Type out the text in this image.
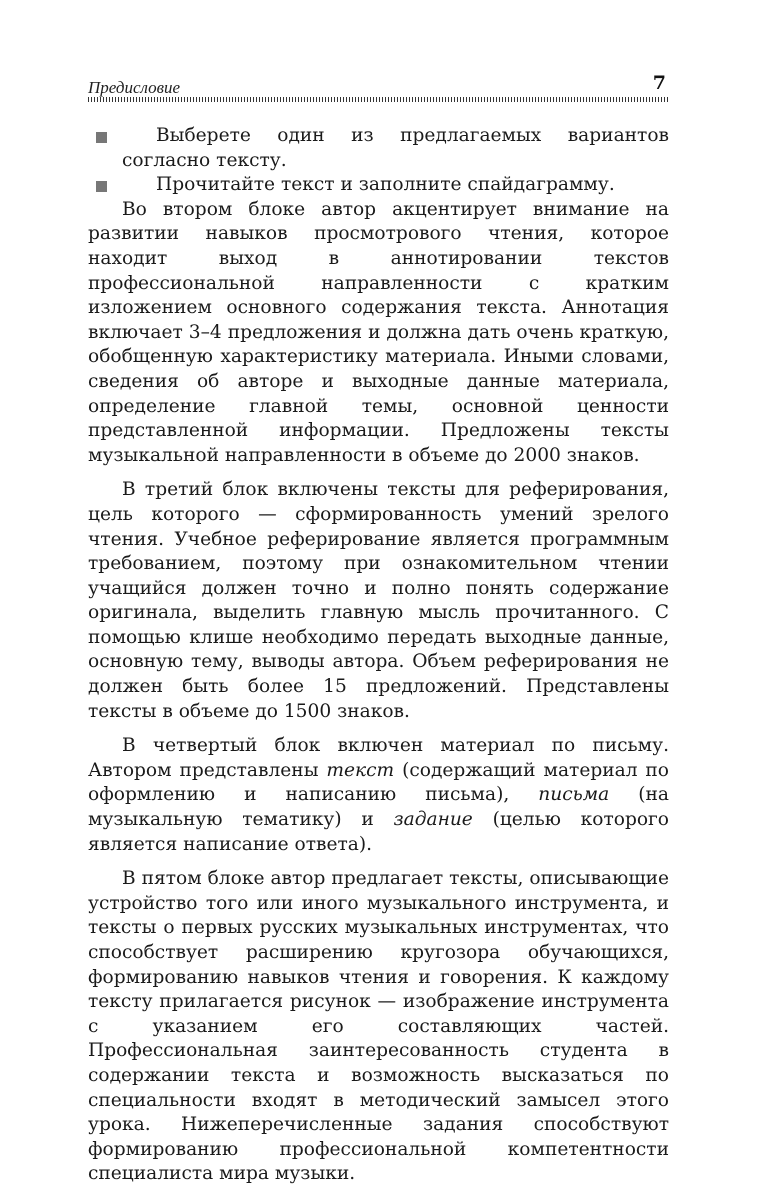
Предисловие	7

Выберете один из предлагаемых вариантов согласно тексту.

Прочитайте текст и заполните спайдаграмму.

Во втором блоке автор акцентирует внимание на развитии навыков просмотрового чтения, которое находит выход в аннотировании текстов профессиональной направленности с кратким изложением основного содержания текста. Аннотация включает 3–4 предложения и должна дать очень краткую, обобщенную характеристику материала. Иными словами, сведения об авторе и выходные данные материала, определение главной темы, основной ценности представленной информации. Предложены тексты музыкальной направленности в объеме до 2000 знаков.

В третий блок включены тексты для реферирования, цель которого — сформированность умений зрелого чтения. Учебное реферирование является программным требованием, поэтому при ознакомительном чтении учащийся должен точно и полно понять содержание оригинала, выделить главную мысль прочитанного. С помощью клише необходимо передать выходные данные, основную тему, выводы автора. Объем реферирования не должен быть более 15 предложений. Представлены тексты в объеме до 1500 знаков.

В четвертый блок включен материал по письму. Автором представлены текст (содержащий материал по оформлению и написанию письма), письма (на музыкальную тематику) и задание (целью которого является написание ответа).

В пятом блоке автор предлагает тексты, описывающие устройство того или иного музыкального инструмента, и тексты о первых русских музыкальных инструментах, что способствует расширению кругозора обучающихся, формированию навыков чтения и говорения. К каждому тексту прилагается рисунок — изображение инструмента с указанием его составляющих частей. Профессиональная заинтересованность студента в содержании текста и возможность высказаться по специальности входят в методический замысел этого урока. Нижеперечисленные задания способствуют формированию профессиональной компетентности специалиста мира музыки.
